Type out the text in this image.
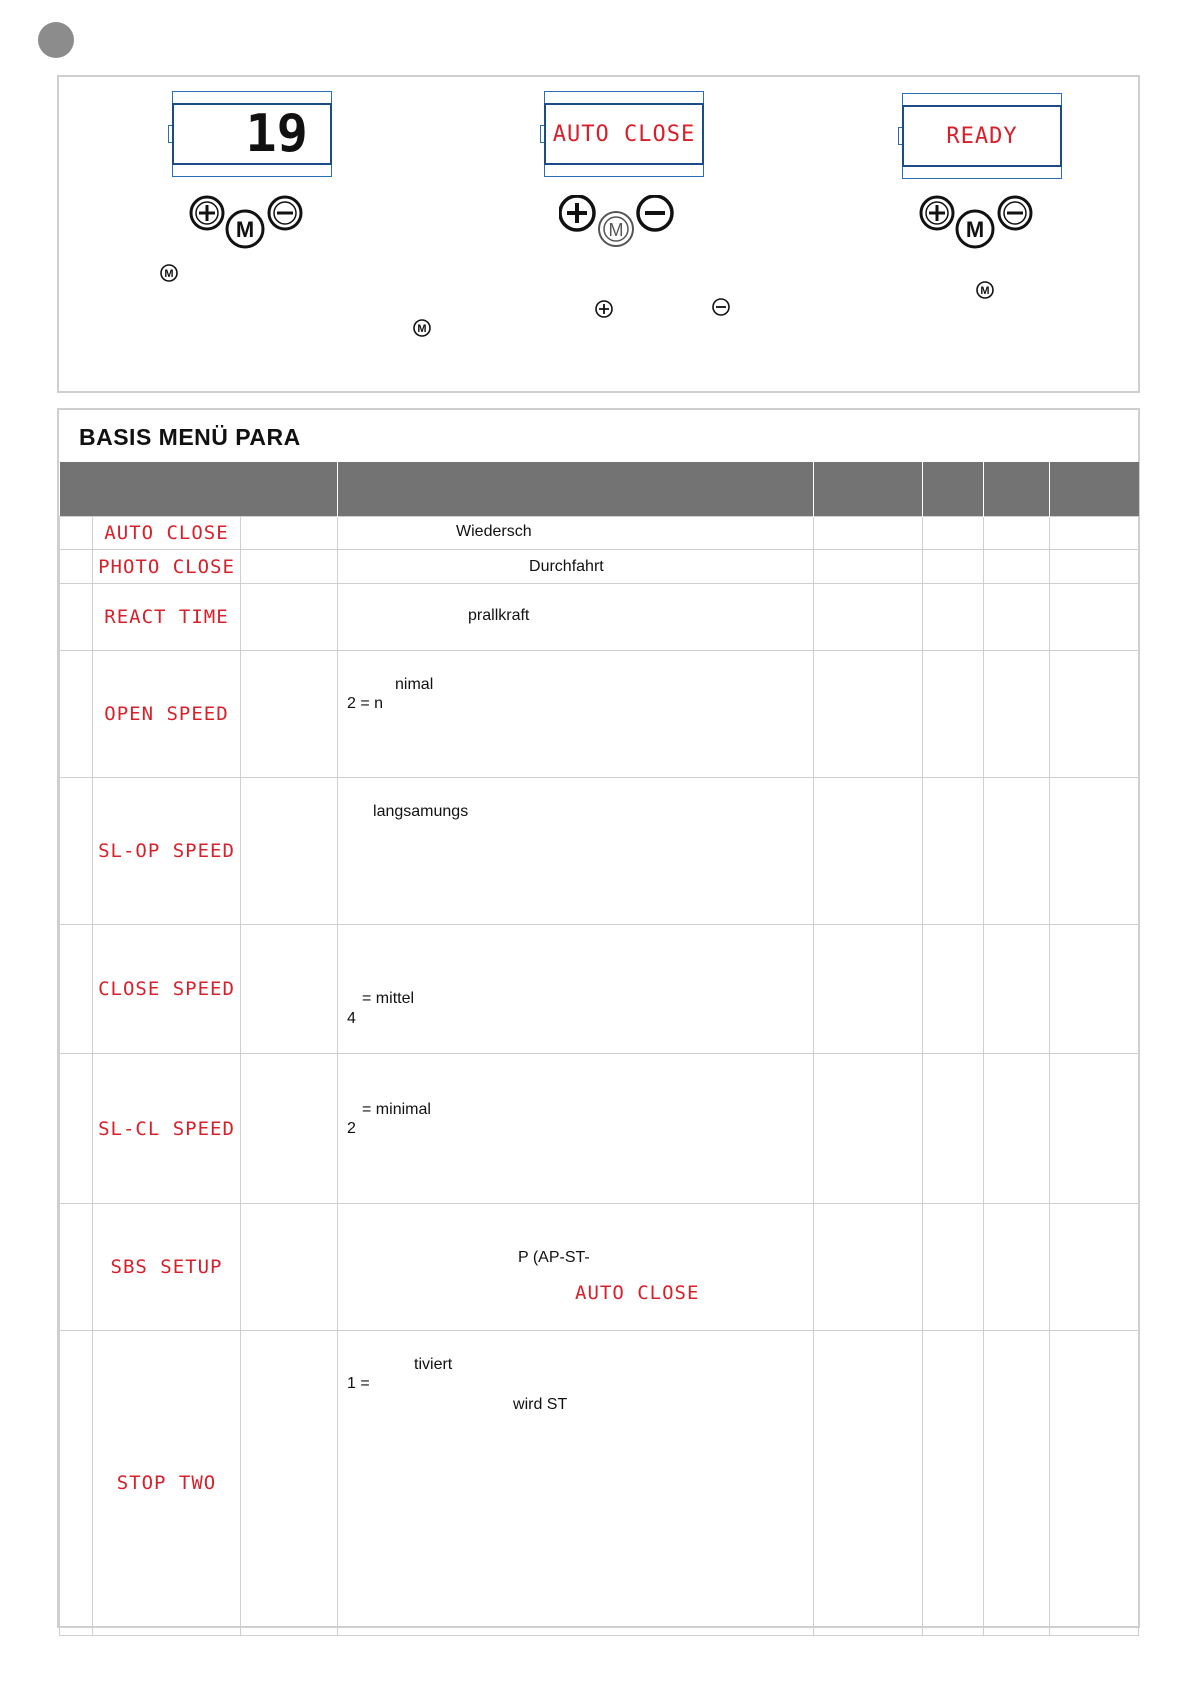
19	AUTO CLOSE	READY
M	M	M
M
M
M
BASIS MENÜ PARA

	AUTO CLOSE		Wiedersch				

	PHOTO CLOSE		Durchfahrt				

	REACT TIME		prallkraft				

	OPEN SPEED		nimal
2 = n				

	SL-OP SPEED		langsamungs				

	CLOSE SPEED		= mittel
4				

	SL-CL SPEED		= minimal
2				

	SBS SETUP		P (AP-ST-
AUTO CLOSE				

	STOP TWO		tiviert
1 =
wird ST				
